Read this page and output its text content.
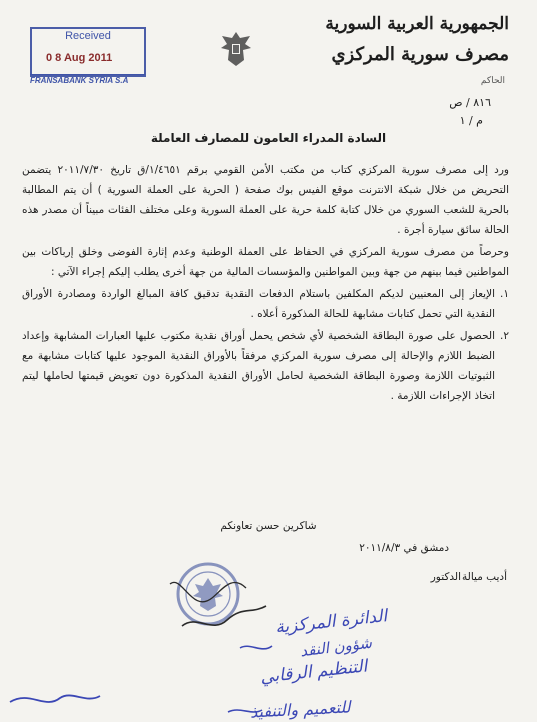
Received
0 8 Aug 2011
FRANSABANK SYRIA S.A
الجمهورية العربية السورية
مصرف سورية المركزي
الحاكم
٨١٦ / ص
م / ١
السادة المدراء العامون للمصارف العاملة

ورد إلى مصرف سورية المركزي كتاب من مكتب الأمن القومي برقم ١/٤٦٥١/ق تاريخ ٢٠١١/٧/٣٠ يتضمن التحريض من خلال شبكة الانترنت موقع الفيس بوك صفحة ( الحرية على العملة السورية ) أن يتم المطالبة بالحرية للشعب السوري من خلال كتابة كلمة حرية على العملة السورية وعلى مختلف الفئات مبيناً أن مصدر هذه الحالة سائق سيارة أجرة .

وحرصاً من مصرف سورية المركزي في الحفاظ على العملة الوطنية وعدم إثارة الفوضى وخلق إرباكات بين المواطنين فيما بينهم من جهة وبين المواطنين والمؤسسات المالية من جهة أخرى يطلب إليكم إجراء الآتي :

١.
الإيعاز إلى المعنيين لديكم المكلفين باستلام الدفعات النقدية تدقيق كافة المبالغ الواردة ومصادرة الأوراق النقدية التي تحمل كتابات مشابهة للحالة المذكورة أعلاه .

٢.
الحصول على صورة البطاقة الشخصية لأي شخص يحمل أوراق نقدية مكتوب عليها العبارات المشابهة وإعداد الضبط اللازم والإحالة إلى مصرف سورية المركزي مرفقاً بالأوراق النقدية الموجود عليها كتابات مشابهة مع الثبوتيات اللازمة وصورة البطاقة الشخصية لحامل الأوراق النقدية المذكورة دون تعويض قيمتها لحاملها ليتم اتخاذ الإجراءات اللازمة .

شاكرين حسن تعاونكم
دمشق في ٢٠١١/٨/٣
أديب ميالة
الدكتور
الدائرة المركزية
شؤون النقد
التنظيم الرقابي
للتعميم والتنفيذ
